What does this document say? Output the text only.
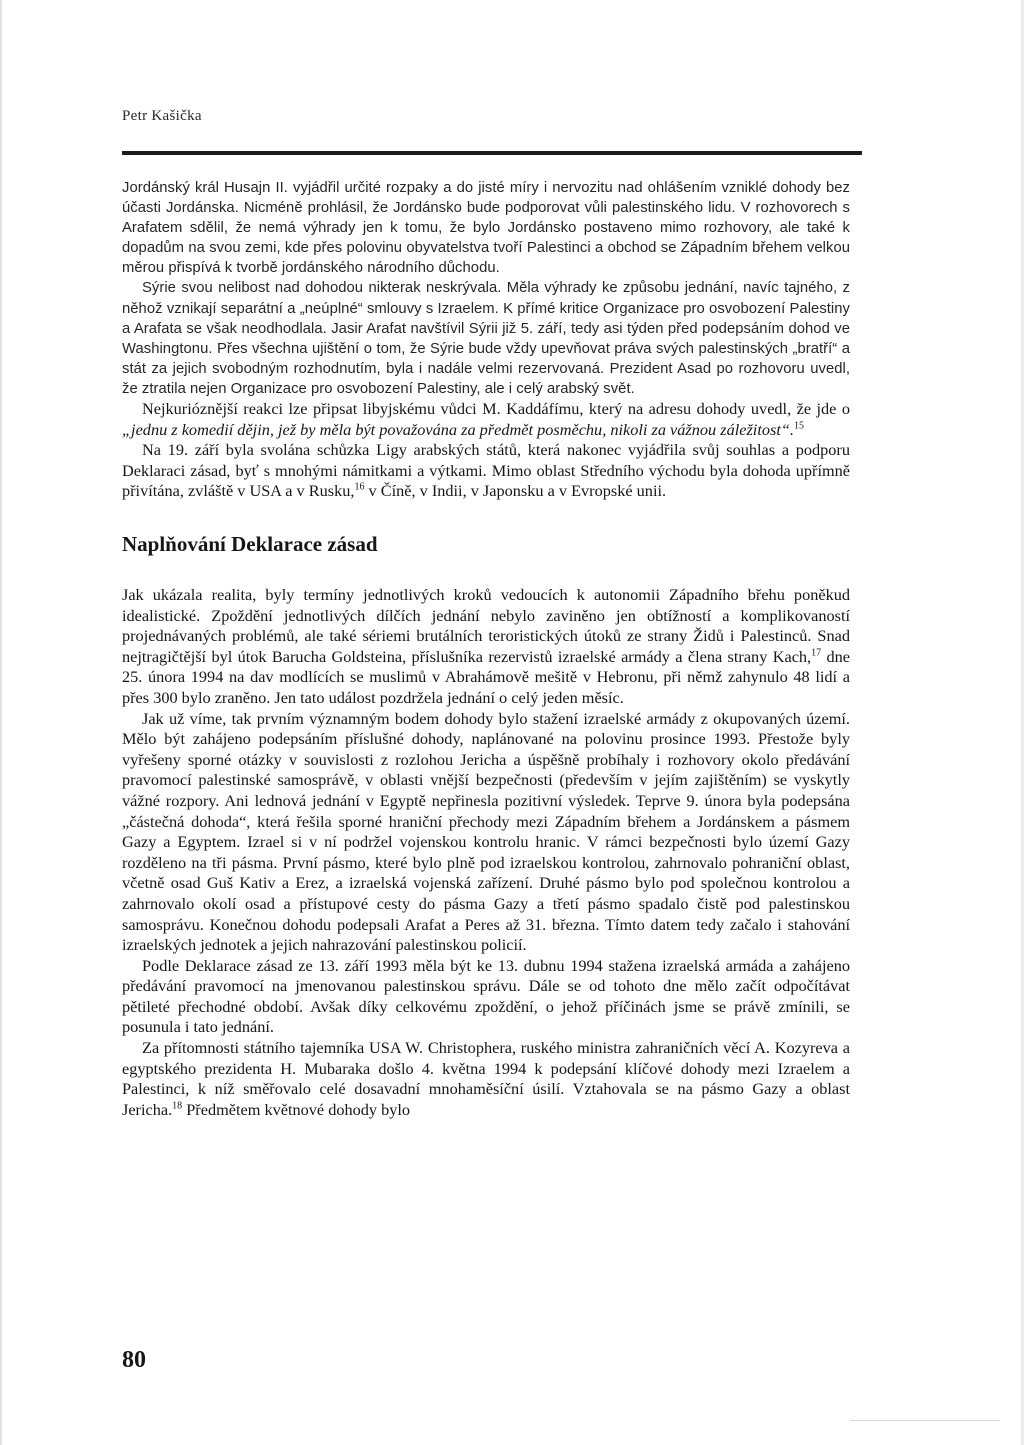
Petr Kašička

Jordánský král Husajn II. vyjádřil určité rozpaky a do jisté míry i nervozitu nad ohlášením vzniklé dohody bez účasti Jordánska. Nicméně prohlásil, že Jordánsko bude podporovat vůli palestinského lidu. V rozhovorech s Arafatem sdělil, že nemá výhrady jen k tomu, že bylo Jordánsko postaveno mimo rozhovory, ale také k dopadům na svou zemi, kde přes polovinu obyvatelstva tvoří Palestinci a obchod se Západním břehem velkou měrou přispívá k tvorbě jordánského národního důchodu.

Sýrie svou nelibost nad dohodou nikterak neskrývala. Měla výhrady ke způsobu jednání, navíc tajného, z něhož vznikají separátní a „neúplné“ smlouvy s Izraelem. K přímé kritice Organizace pro osvobození Palestiny a Arafata se však neodhodlala. Jasir Arafat navštívil Sýrii již 5. září, tedy asi týden před podepsáním dohod ve Washingtonu. Přes všechna ujištění o tom, že Sýrie bude vždy upevňovat práva svých palestinských „bratří“ a stát za jejich svobodným rozhodnutím, byla i nadále velmi rezervovaná. Prezident Asad po rozhovoru uvedl, že ztratila nejen Organizace pro osvobození Palestiny, ale i celý arabský svět.

Nejkurióznější reakci lze připsat libyjskému vůdci M. Kaddáfímu, který na adresu dohody uvedl, že jde o „jednu z komedií dějin, jež by měla být považována za předmět posměchu, nikoli za vážnou záležitost“.$^{15}$

Na 19. září byla svolána schůzka Ligy arabských států, která nakonec vyjádřila svůj souhlas a podporu Deklaraci zásad, byť s mnohými námitkami a výtkami. Mimo oblast Středního východu byla dohoda upřímně přivítána, zvláště v USA a v Rusku,$^{16}$ v Číně, v Indii, v Japonsku a v Evropské unii.

Naplňování Deklarace zásad

Jak ukázala realita, byly termíny jednotlivých kroků vedoucích k autonomii Západního břehu poněkud idealistické. Zpoždění jednotlivých dílčích jednání nebylo zaviněno jen obtížností a komplikovaností projednávaných problémů, ale také sériemi brutálních teroristických útoků ze strany Židů i Palestinců. Snad nejtragičtější byl útok Barucha Goldsteina, příslušníka rezervistů izraelské armády a člena strany Kach,$^{17}$ dne 25. února 1994 na dav modlících se muslimů v Abrahámově mešitě v Hebronu, při němž zahynulo 48 lidí a přes 300 bylo zraněno. Jen tato událost pozdržela jednání o celý jeden měsíc.

Jak už víme, tak prvním významným bodem dohody bylo stažení izraelské armády z okupovaných území. Mělo být zahájeno podepsáním příslušné dohody, naplánované na polovinu prosince 1993. Přestože byly vyřešeny sporné otázky v souvislosti z rozlohou Jericha a úspěšně probíhaly i rozhovory okolo předávání pravomocí palestinské samosprávě, v oblasti vnější bezpečnosti (především v jejím zajištěním) se vyskytly vážné rozpory. Ani lednová jednání v Egyptě nepřinesla pozitivní výsledek. Teprve 9. února byla podepsána „částečná dohoda“, která řešila sporné hraniční přechody mezi Západním břehem a Jordánskem a pásmem Gazy a Egyptem. Izrael si v ní podržel vojenskou kontrolu hranic. V rámci bezpečnosti bylo území Gazy rozděleno na tři pásma. První pásmo, které bylo plně pod izraelskou kontrolou, zahrnovalo pohraniční oblast, včetně osad Guš Kativ a Erez, a izraelská vojenská zařízení. Druhé pásmo bylo pod společnou kontrolou a zahrnovalo okolí osad a přístupové cesty do pásma Gazy a třetí pásmo spadalo čistě pod palestinskou samosprávu. Konečnou dohodu podepsali Arafat a Peres až 31. března. Tímto datem tedy začalo i stahování izraelských jednotek a jejich nahrazování palestinskou policií.

Podle Deklarace zásad ze 13. září 1993 měla být ke 13. dubnu 1994 stažena izraelská armáda a zahájeno předávání pravomocí na jmenovanou palestinskou správu. Dále se od tohoto dne mělo začít odpočítávat pětileté přechodné období. Avšak díky celkovému zpoždění, o jehož příčinách jsme se právě zmínili, se posunula i tato jednání.

Za přítomnosti státního tajemníka USA W. Christophera, ruského ministra zahraničních věcí A. Kozyreva a egyptského prezidenta H. Mubaraka došlo 4. května 1994 k podepsání klíčové dohody mezi Izraelem a Palestinci, k níž směřovalo celé dosavadní mnohaměsíční úsilí. Vztahovala se na pásmo Gazy a oblast Jericha.$^{18}$ Předmětem květnové dohody bylo

80
